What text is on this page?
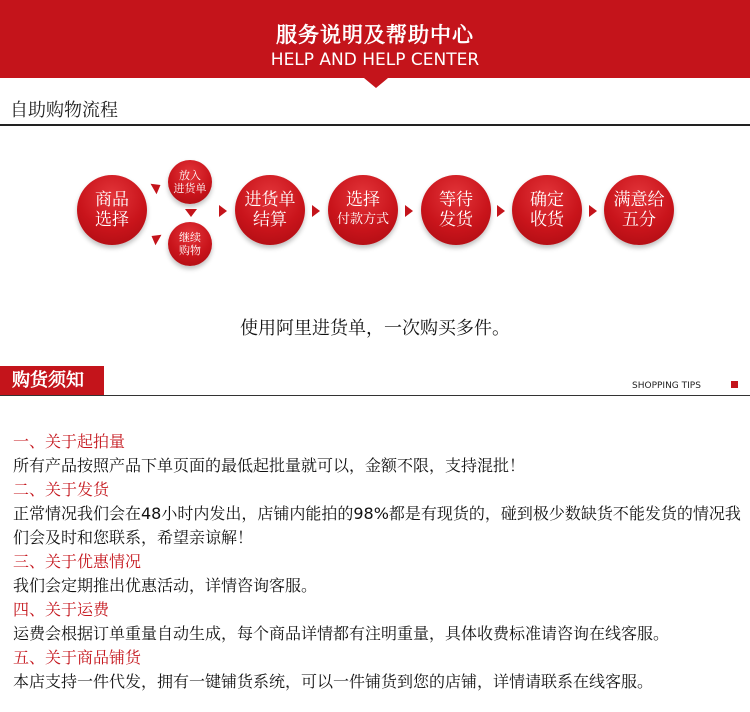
服务说明及帮助中心
HELP AND HELP CENTER
自助购物流程
商品
选择
放入
进货单
继续
购物
进货单
结算
选择
付款方式
等待
发货
确定
收货
满意给
五分
使用阿里进货单，一次购买多件。
购货须知	SHOPPING TIPS
一、关于起拍量
所有产品按照产品下单页面的最低起批量就可以，金额不限，支持混批！
二、关于发货
正常情况我们会在48小时内发出，店铺内能拍的98%都是有现货的，碰到极少数缺货不能发货的情况我们会及时和您联系，希望亲谅解！
三、关于优惠情况
我们会定期推出优惠活动，详情咨询客服。
四、关于运费
运费会根据订单重量自动生成，每个商品详情都有注明重量，具体收费标准请咨询在线客服。
五、关于商品铺货
本店支持一件代发，拥有一键铺货系统，可以一件铺货到您的店铺，详情请联系在线客服。
